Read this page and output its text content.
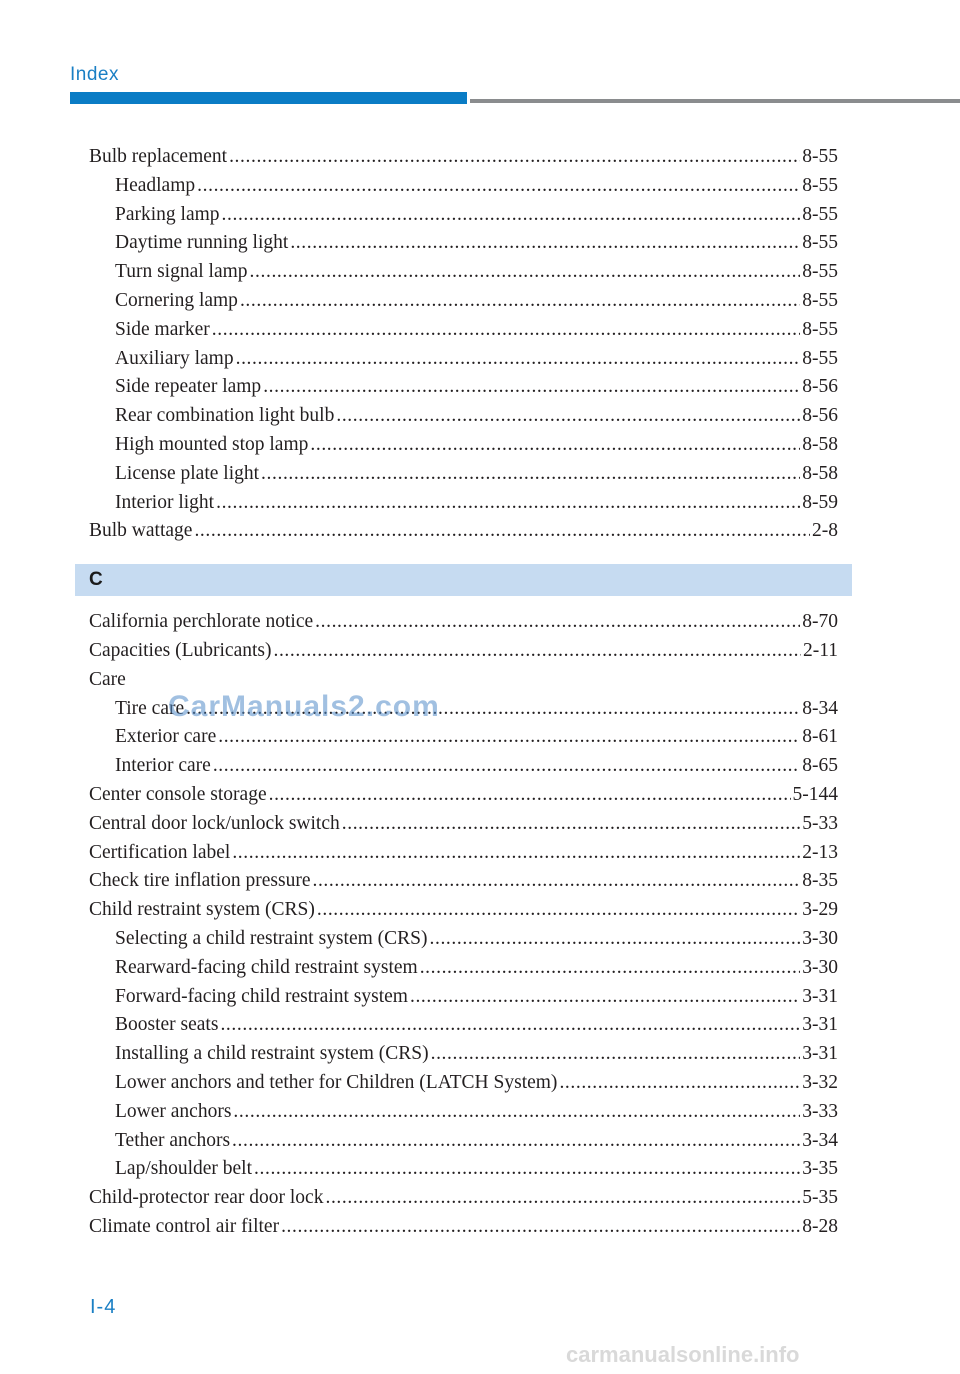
Index
Bulb replacement .....	8-55
Headlamp .....	8-55
Parking lamp .....	8-55
Daytime running light .....	8-55
Turn signal lamp .....	8-55
Cornering lamp .....	8-55
Side marker .....	8-55
Auxiliary lamp .....	8-55
Side repeater lamp .....	8-56
Rear combination light bulb .....	8-56
High mounted stop lamp .....	8-58
License plate light .....	8-58
Interior light .....	8-59
Bulb wattage .....	2-8
C
California perchlorate notice .....	8-70
Capacities (Lubricants) .....	2-11
Care
Tire care .....	8-34
Exterior care .....	8-61
Interior care .....	8-65
Center console storage .....	5-144
Central door lock/unlock switch .....	5-33
Certification label .....	2-13
Check tire inflation pressure .....	8-35
Child restraint system (CRS) .....	3-29
Selecting a child restraint system (CRS) .....	3-30
Rearward-facing child restraint system .....	3-30
Forward-facing child restraint system .....	3-31
Booster seats .....	3-31
Installing a child restraint system (CRS) .....	3-31
Lower anchors and tether for Children (LATCH System) .....	3-32
Lower anchors .....	3-33
Tether anchors .....	3-34
Lap/shoulder belt .....	3-35
Child-protector rear door lock .....	5-35
Climate control air filter .....	8-28
I-4
CarManuals2.com
carmanualsonline.info
